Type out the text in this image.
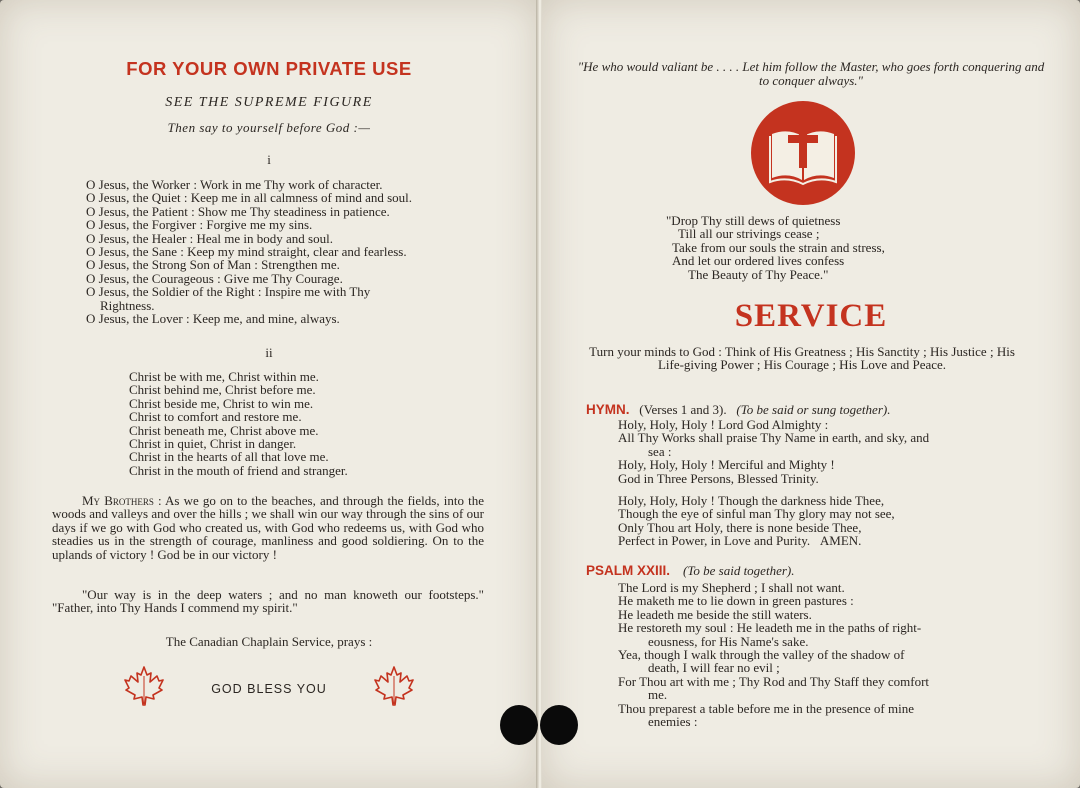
FOR YOUR OWN PRIVATE USE
SEE THE SUPREME FIGURE
Then say to yourself before God :—
i
O Jesus, the Worker : Work in me Thy work of character.
O Jesus, the Quiet : Keep me in all calmness of mind and soul.
O Jesus, the Patient : Show me Thy steadiness in patience.
O Jesus, the Forgiver : Forgive me my sins.
O Jesus, the Healer : Heal me in body and soul.
O Jesus, the Sane : Keep my mind straight, clear and fearless.
O Jesus, the Strong Son of Man : Strengthen me.
O Jesus, the Courageous : Give me Thy Courage.
O Jesus, the Soldier of the Right : Inspire me with Thy
Rightness.
O Jesus, the Lover : Keep me, and mine, always.
ii
Christ be with me, Christ within me.
Christ behind me, Christ before me.
Christ beside me, Christ to win me.
Christ to comfort and restore me.
Christ beneath me, Christ above me.
Christ in quiet, Christ in danger.
Christ in the hearts of all that love me.
Christ in the mouth of friend and stranger.
My Brothers : As we go on to the beaches, and through the fields, into the woods and valleys and over the hills ; we shall win our way through the sins of our days if we go with God who created us, with God who redeems us, with God who steadies us in the strength of courage, manliness and good soldiering. On to the uplands of victory ! God be in our victory !
"Our way is in the deep waters ; and no man knoweth our footsteps." "Father, into Thy Hands I commend my spirit."
The Canadian Chaplain Service, prays :
GOD BLESS YOU
"He who would valiant be . . . . Let him follow the Master, who goes forth conquering and to conquer always."
"Drop Thy still dews of quietness
Till all our strivings cease ;
Take from our souls the strain and stress,
And let our ordered lives confess
The Beauty of Thy Peace."
SERVICE
Turn your minds to God : Think of His Greatness ; His Sanctity ; His Justice ; His Life-giving Power ; His Courage ; His Love and Peace.
HYMN. (Verses 1 and 3). (To be said or sung together).
Holy, Holy, Holy ! Lord God Almighty :
All Thy Works shall praise Thy Name in earth, and sky, and
sea :
Holy, Holy, Holy ! Merciful and Mighty !
God in Three Persons, Blessed Trinity.
Holy, Holy, Holy ! Though the darkness hide Thee,
Though the eye of sinful man Thy glory may not see,
Only Thou art Holy, there is none beside Thee,
Perfect in Power, in Love and Purity. AMEN.
PSALM XXIII. (To be said together).
The Lord is my Shepherd ; I shall not want.
He maketh me to lie down in green pastures :
He leadeth me beside the still waters.
He restoreth my soul : He leadeth me in the paths of right-
eousness, for His Name's sake.
Yea, though I walk through the valley of the shadow of
death, I will fear no evil ;
For Thou art with me ; Thy Rod and Thy Staff they comfort
me.
Thou preparest a table before me in the presence of mine
enemies :
